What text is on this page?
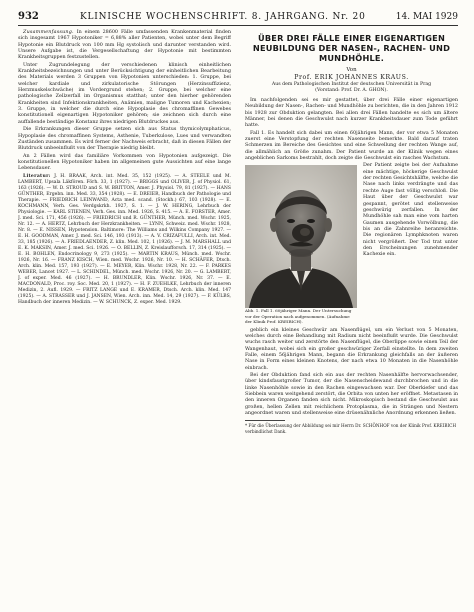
932	KLINISCHE WOCHENSCHRIFT. 8. JAHRGANG. Nr. 20	14. MAI 1929

Zusammenfassung. In einem 28600 Fälle umfassenden Krankenmaterial finden sich insgesamt 1967 Hypotoniker = 6,88% aller Patienten, wobei unter dem Begriff Hypotonie ein Blutdruck von 100 mm Hg systolisch und darunter verstanden wird. Unsere Aufgabe ist, die Vergesellschaftung der Hypotonie mit bestimmten Krankheitsgruppen festzustellen.

Unter Zugrundelegung der verschiedenen klinisch einheitlichen Krankheitsbezeichnungen und unter Berücksichtigung der einheitlichen Bearbeitung des Materials werden 3 Gruppen von Hypotonien unterschieden: 1. Gruppe, bei welcher kardiale und zirkulatorische Störungen (Herzinsuffizienz, Herzmuskelschwäche) im Vordergrund stehen; 2. Gruppe, bei welcher eine pathologische Zellzerfall im Organismus statthat; unter den hierher gehörenden Krankheiten sind Infektionskrankheiten, Anämien, maligne Tumoren und Kachexien; 3. Gruppe, in welcher die durch eine Hypoplasie des chromaffinen Gewebes konstitutionell eigenartigen Hypotoniker gehören; sie zeichnen sich durch eine auffallende beständige Konstanz ihres niedrigen Blutdruckes aus.

Die Erkrankungen dieser Gruppe setzen sich aus Status thymicolymphaticus, Hypoplasie des chromaffinen Systems, Asthenie, Tuberkulose, Lues und verwandten Zuständen zusammen. Es wird ferner der Nachweis erbracht, daß in diesen Fällen der Blutdruck unbeeinflußt von der Therapie niedrig bleibt.

An 2 Fällen wird das familiäre Vorkommen von Hypotonien aufgezeigt. Die konstitutionellen Hypotoniker haben im allgemeinen gute Aussichten auf eine lange Lebensdauer.

Literatur: J. H. BRAAK, Arch. int. Med. 35, 152 (1925). — A. STEELE und M. LAMBERT, Upsala Läkfören. Förh. 33, 1 (1927). — BRIGGS und OLIVER, J. of Physiol. 61, 163 (1926). — W. D. STROUD and S. W. BRITTON, Amer. J. Physiol. 79, 81 (1927). — HANS GÜNTHER, Ergebn. inn. Med. 33, 354 (1928). — E. DREIER, Handbuch der Pathologie und Therapie. — FRIEDRICH LEINWAND, Acta med. scand. (Stockh.) 67, 103 (1928). — E. KOCHMANN, Verh. Ges. Verdgskrkh. 1927, S. 1. — J. W. HERING, Lehrbuch der Physiologie. — KARL STIENEN, Verh. Ges. inn. Med. 1926, S. 415. — A. E. FORSTER, Amer. J. med. Sci. 171, 456 (1926). — FRIEDRICH und R. GÜNTHER, Münch. med. Wschr. 1925, Nr. 12. — A. HERTZ, Lehrbuch der Herzkrankheiten. — LYNN, Schweiz. med. Wschr. 1928, Nr. 8. — E. NISSEN, Hypotension. Baltimore: The Williams and Wilkins Company 1927. — E. H. GOODMAN, Amer. J. med. Sci. 146, 193 (1913). — A. V. CRIZAFULLI, Arch. int. Med. 33, 185 (1926). — A. FRIEDLAENDER, Z. klin. Med. 102, 1 (1926). — J. M. MARSHALL und E. K. MAKSIN, Amer. J. med. Sci. 1926. — O. BELLIN, Z. Kreislaufforsch. 17, 314 (1925). — E. H. BOHLEN, Endocrinology 9, 273 (1925). — MARTIN KRAUS, Münch. med. Wschr. 1926, Nr. 16. — FRANZ KISCH, Wien. med. Wschr. 1926, Nr. 10. — H. SCHÄFER, Dtsch. Arch. klin. Med. 157, 193 (1927). — E. MEYER, Klin. Wschr. 1928, Nr. 22. — F. PARKES WEBER, Lancet 1927. — L. SCHINDEL, Münch. med. Wschr. 1926, Nr. 20. — G. LAMBERT, J. of exper. Med. 46 (1927). — H. BRUNDLER, Klin. Wschr. 1926, Nr. 37. — E. MACDONALD, Proc. roy. Soc. Med. 20, 1 (1927). — H. F. ZUEHLKE, Lehrbuch der inneren Medizin, 2. Aufl. 1929. — FRITZ LANGE und E. KRAMER, Dtsch. Arch. klin. Med. 147 (1925). — A. STRASSER und J. JANSEN, Wien. Arch. inn. Med. 14, 29 (1927). — F. KÜLBS, Handbuch der inneren Medizin. — W. SCHUNCK, Z. exper. Med. 1929.

ÜBER DREI FÄLLE EINER EIGENARTIGEN NEUBILDUNG DER NASEN-, RACHEN- UND MUNDHÖHLE.
Von
Prof. ERIK JOHANNES KRAUS.
Aus dem Pathologischen Institut der deutschen Universität in Prag
(Vorstand: Prof. Dr. A. GHON).

Im nachfolgenden sei es mir gestattet, über drei Fälle einer eigenartigen Neubildung der Nasen-, Rachen- und Mundhöhle zu berichten, die in den Jahren 1912 bis 1928 zur Obduktion gelangten. Bei allen drei Fällen handelte es sich um ältere Männer, bei denen die Geschwulst nach kurzer Krankheitsdauer zum Tode geführt hatte.

Fall 1. Es handelt sich dabei um einen 60jährigen Mann, der vor etwa 5 Monaten zuerst eine Verstopfung der rechten Nasenseite bemerkte. Bald darauf traten Schmerzen im Bereiche des Gesichtes und eine Schwellung der rechten Wange auf, die allmählich an Größe zunahm. Der Patient wurde an der Klinik wegen eines angeblichen Sarkoms bestrahlt, doch zeigte die Geschwulst ein rasches Wachstum.

Abb. 1. Fall 1. 60jähriger Mann. Der Untersuchung vor der Operation nach aufgenommen. (Aufnahme der Klinik Prof. KREIBICH).
Der Patient zeigte bei der Aufnahme eine mächtige, höckerige Geschwulst der rechten Gesichtshälfte, welche die Nase nach links verdrängte und das rechte Auge fast völlig verschloß. Die Haut über der Geschwulst war gespannt, gerötet und stellenweise geschwürig zerfallen. In der Mundhöhle sah man eine vom harten Gaumen ausgehende Vorwölbung, die bis an die Zahnreihe heranreichte. Die regionären Lymphknoten waren nicht vergrößert. Der Tod trat unter den Erscheinungen zunehmender Kachexie ein.

geblich ein kleines Geschwür am Nasenflügel, um ein Verlust von 5 Monaten, welches durch eine Behandlung mit Radium nicht beeinflußt wurde. Die Geschwulst wuchs rasch weiter und zerstörte den Nasenflügel, die Oberlippe sowie einen Teil der Wangenhaut, wobei sich ein großer geschwüriger Zerfall einstellte. In dem zweiten Falle, einem 56jährigen Mann, begann die Erkrankung gleichfalls an der äußeren Nase in Form eines kleinen Knotens, der nach etwa 10 Monaten in die Nasenhöhle einbrach.

Bei der Obduktion fand sich ein aus der rechten Nasenhälfte hervorwachsender, über kindsfaustgroßer Tumor, der die Nasenscheidewand durchbrochen und in die linke Nasenhöhle sowie in den Rachen eingewachsen war. Der Oberkiefer und das Siebbein waren weitgehend zerstört, die Orbita von unten her eröffnet. Metastasen in den inneren Organen fanden sich nicht. Mikroskopisch bestand die Geschwulst aus großen, hellen Zellen mit reichlichem Protoplasma, die in Strängen und Nestern angeordnet waren und stellenweise eine drüsenähnliche Anordnung erkennen ließen.

* Für die Überlassung der Abbildung sei mir Herrn Dr. SCHÖNHOF von der Klinik Prof. KREIBICH verbindlichst Dank.
